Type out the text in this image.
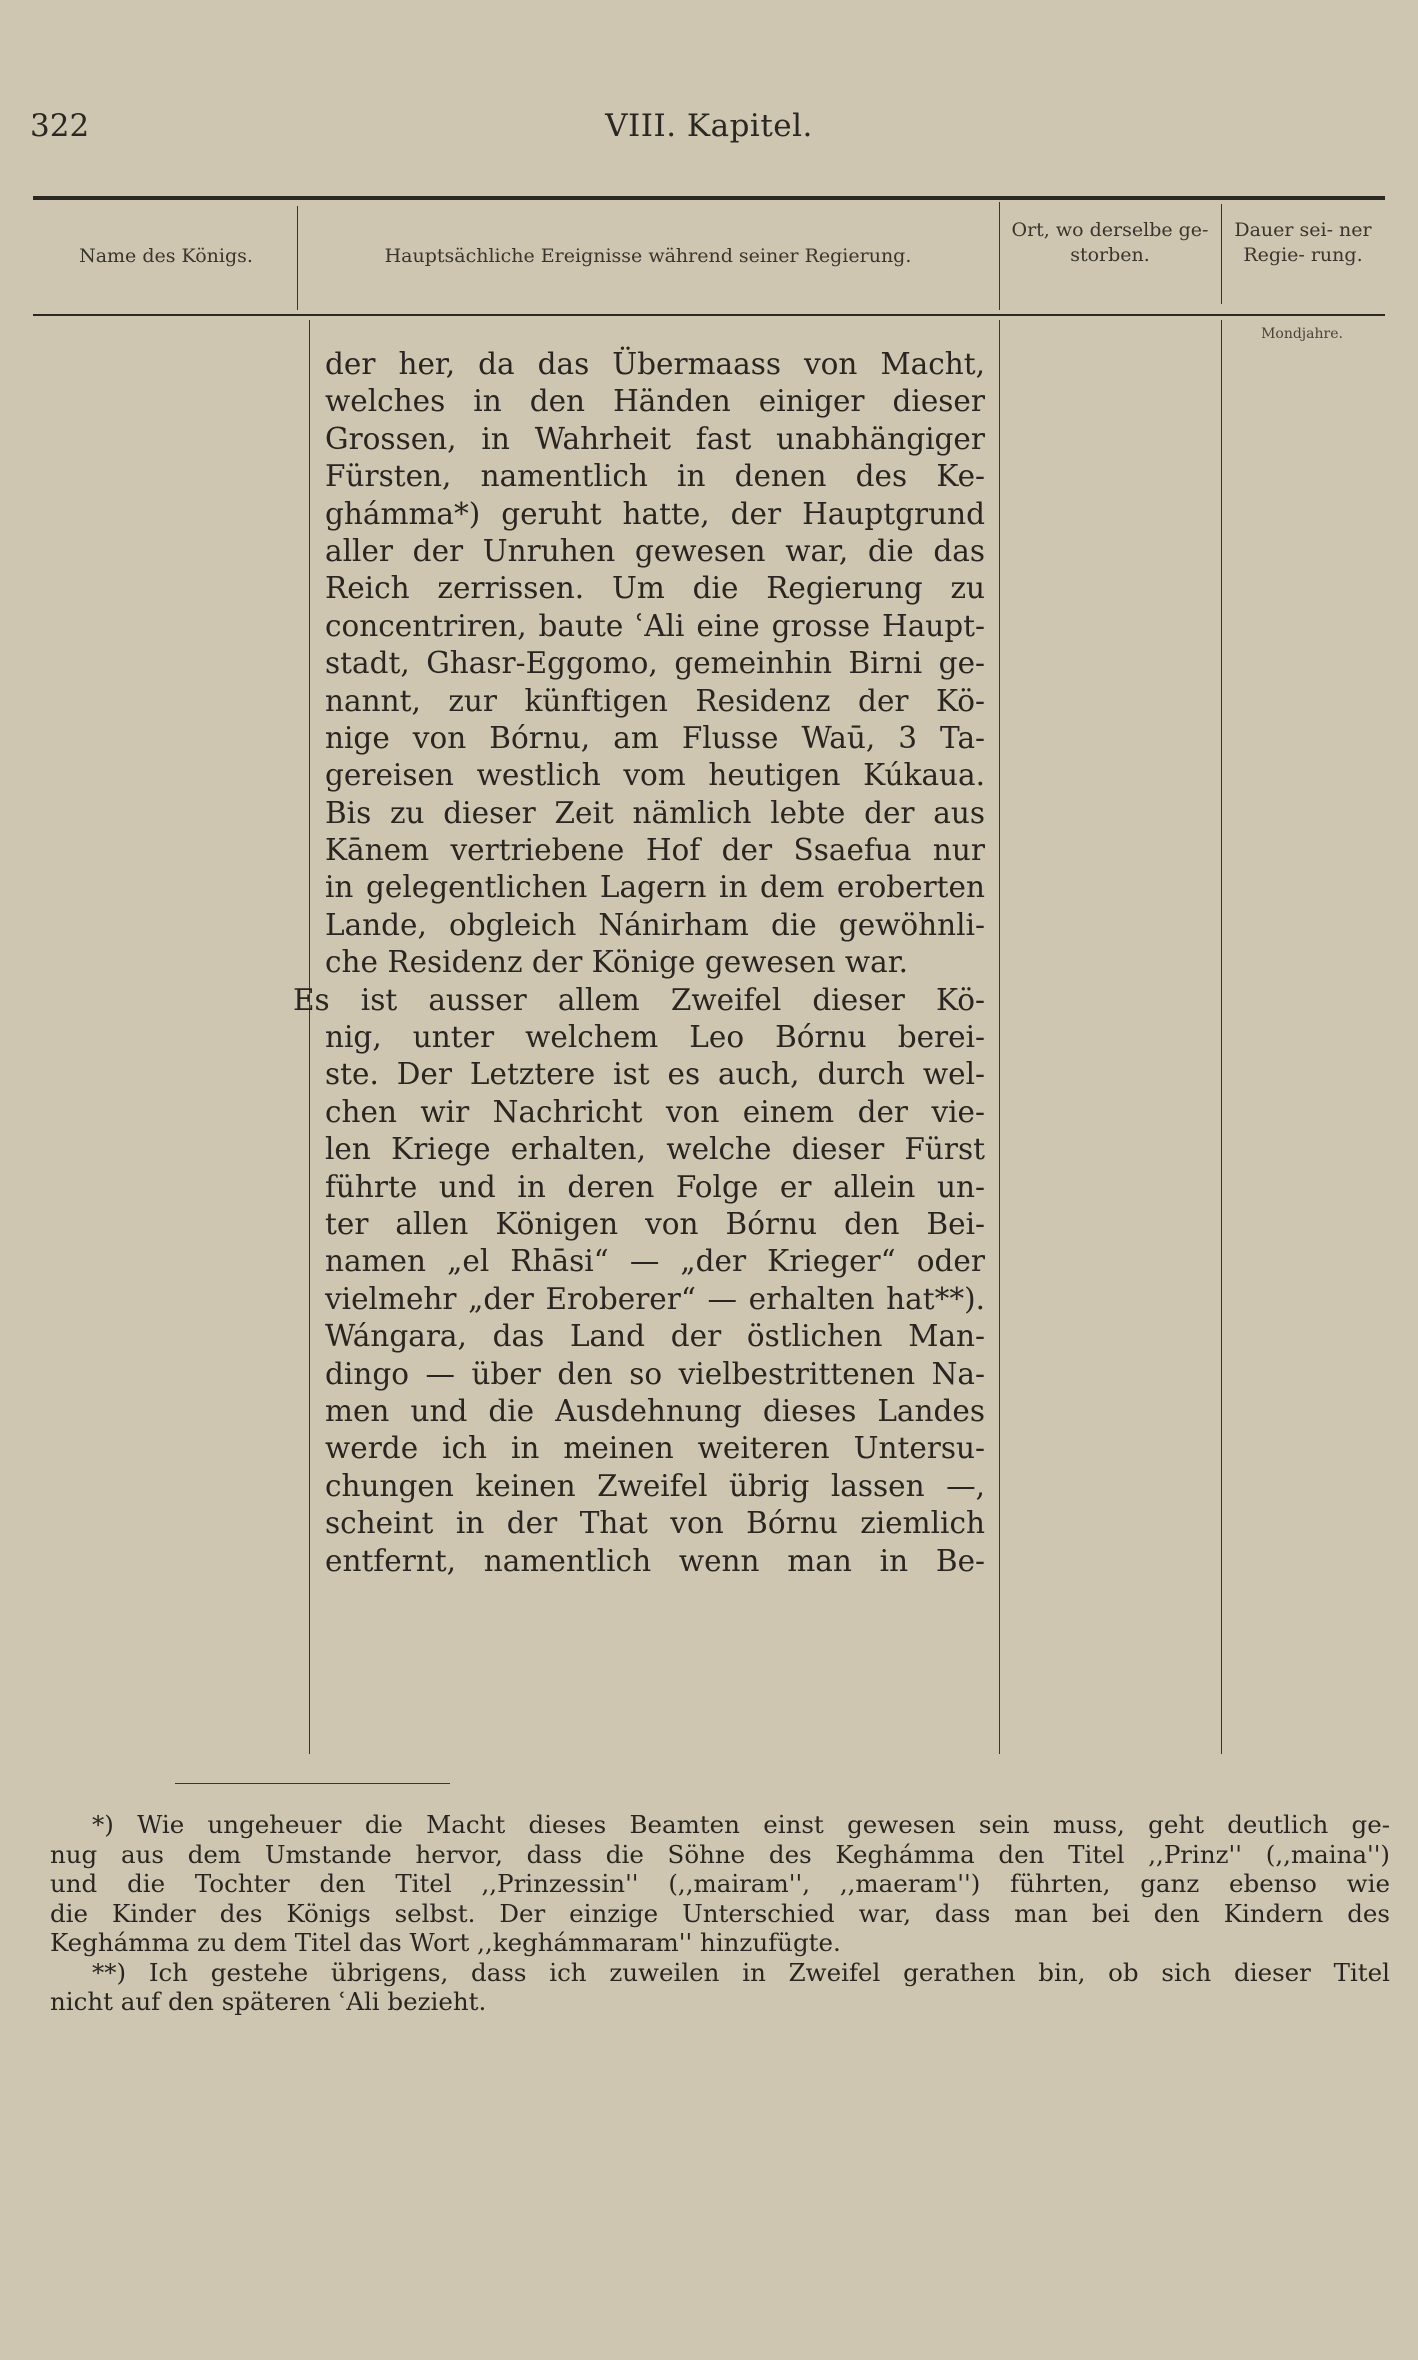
322	VIII. Kapitel.
Name des Königs.	Hauptsächliche Ereignisse während seiner Regierung.
Ort, wo derselbe ge- storben.
Dauer sei- ner Regie- rung.
Mondjahre.
der her, da das Übermaass von Macht,
welches in den Händen einiger dieser
Grossen, in Wahrheit fast unabhängiger
Fürsten, namentlich in denen des Ke-
ghámma*) geruht hatte, der Hauptgrund
aller der Unruhen gewesen war, die das
Reich zerrissen. Um die Regierung zu
concentriren, baute ʿAli eine grosse Haupt-
stadt, Ghasr-Eggomo, gemeinhin Birni ge-
nannt, zur künftigen Residenz der Kö-
nige von Bórnu, am Flusse Waū, 3 Ta-
gereisen westlich vom heutigen Kúkaua.
Bis zu dieser Zeit nämlich lebte der aus
Kānem vertriebene Hof der Ssaefua nur
in gelegentlichen Lagern in dem eroberten
Lande, obgleich Nánirham die gewöhnli-
che Residenz der Könige gewesen war.
Es ist ausser allem Zweifel dieser Kö-
nig, unter welchem Leo Bórnu berei-
ste. Der Letztere ist es auch, durch wel-
chen wir Nachricht von einem der vie-
len Kriege erhalten, welche dieser Fürst
führte und in deren Folge er allein un-
ter allen Königen von Bórnu den Bei-
namen „el Rhāsi“ — „der Krieger“ oder
vielmehr „der Eroberer“ — erhalten hat**).
Wángara, das Land der östlichen Man-
dingo — über den so vielbestrittenen Na-
men und die Ausdehnung dieses Landes
werde ich in meinen weiteren Untersu-
chungen keinen Zweifel übrig lassen —,
scheint in der That von Bórnu ziemlich
entfernt, namentlich wenn man in Be-
*) Wie ungeheuer die Macht dieses Beamten einst gewesen sein muss, geht deutlich ge-
nug aus dem Umstande hervor, dass die Söhne des Keghámma den Titel ,,Prinz'' (,,maina'')
und die Tochter den Titel ,,Prinzessin'' (,,mairam'', ,,maeram'') führten, ganz ebenso wie
die Kinder des Königs selbst. Der einzige Unterschied war, dass man bei den Kindern des
Keghámma zu dem Titel das Wort ,,keghámmaram'' hinzufügte.
**) Ich gestehe übrigens, dass ich zuweilen in Zweifel gerathen bin, ob sich dieser Titel
nicht auf den späteren ʿAli bezieht.
